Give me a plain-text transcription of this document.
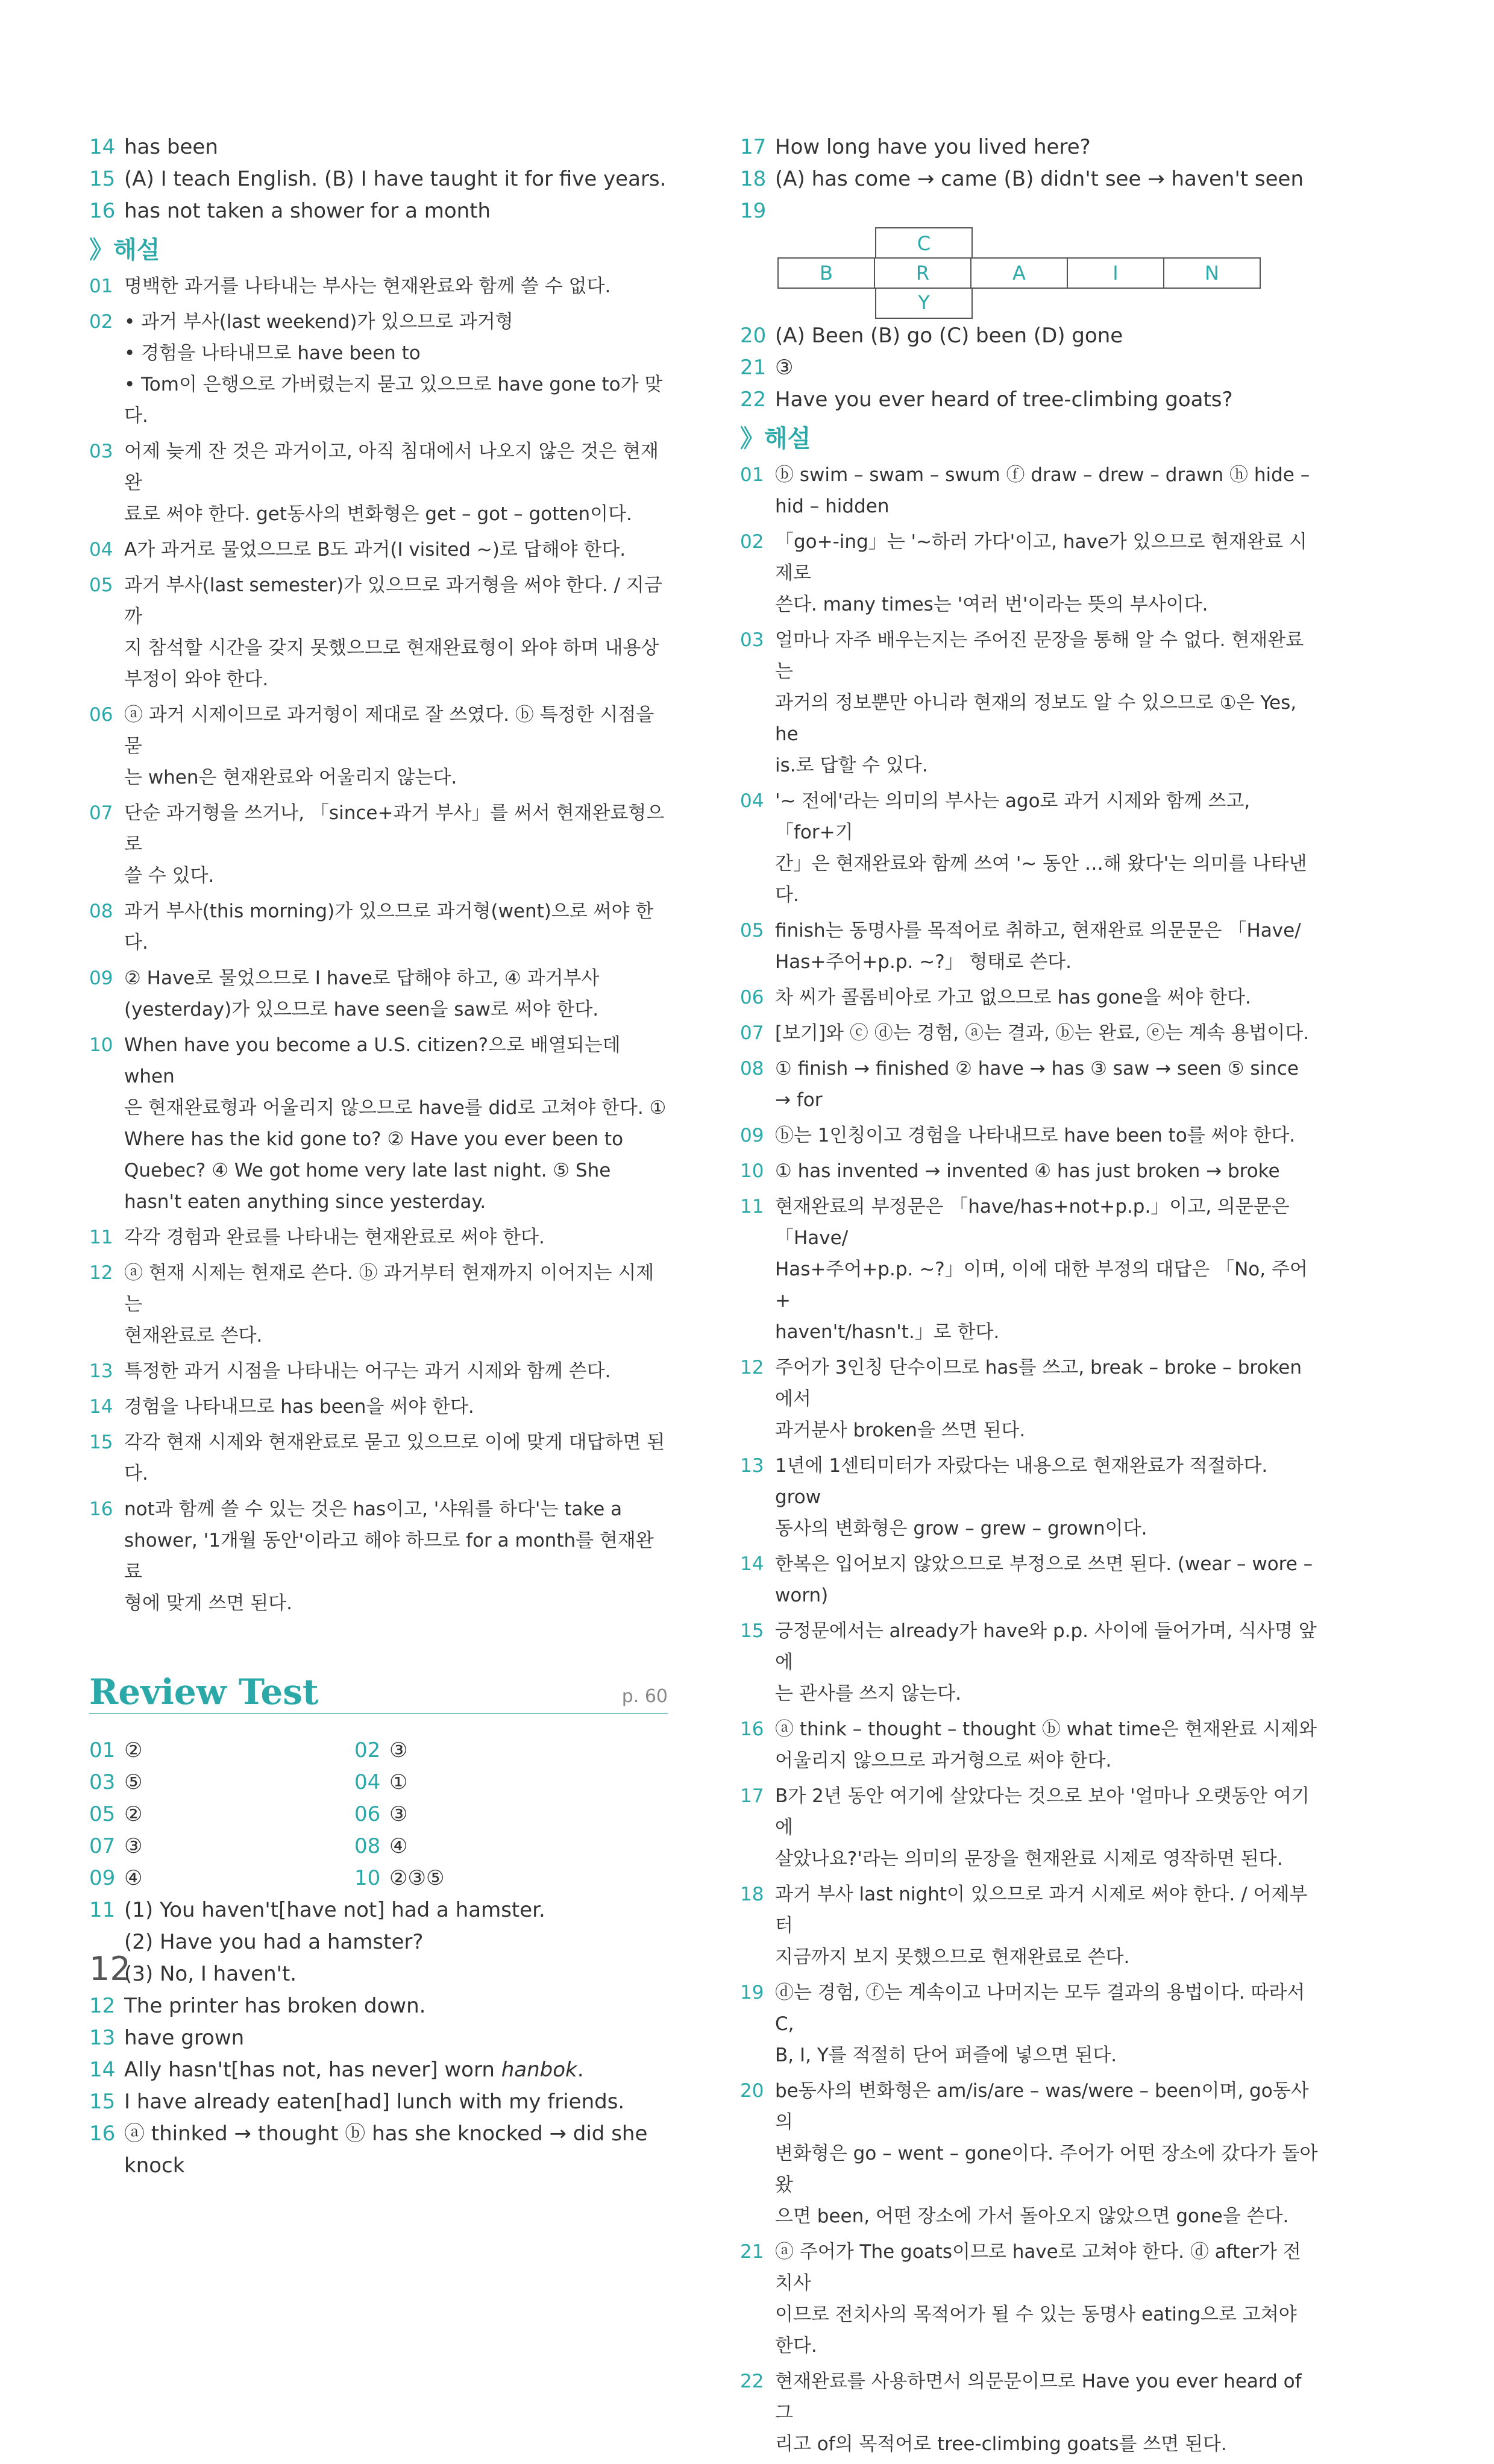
14 has been
15 (A) I teach English. (B) I have taught it for five years.
16 has not taken a shower for a month
》해설
01 명백한 과거를 나타내는 부사는 현재완료와 함께 쓸 수 없다.
02 • 과거 부사(last weekend)가 있으므로 과거형
• 경험을 나타내므로 have been to
• Tom이 은행으로 가버렸는지 묻고 있으므로 have gone to가 맞다.
03 어제 늦게 잔 것은 과거이고, 아직 침대에서 나오지 않은 것은 현재완
료로 써야 한다. get동사의 변화형은 get – got – gotten이다.
04 A가 과거로 물었으므로 B도 과거(I visited ~)로 답해야 한다.
05 과거 부사(last semester)가 있으므로 과거형을 써야 한다. / 지금까
지 참석할 시간을 갖지 못했으므로 현재완료형이 와야 하며 내용상
부정이 와야 한다.
06 ⓐ 과거 시제이므로 과거형이 제대로 잘 쓰였다. ⓑ 특정한 시점을 묻
는 when은 현재완료와 어울리지 않는다.
07 단순 과거형을 쓰거나, 「since+과거 부사」를 써서 현재완료형으로
쓸 수 있다.
08 과거 부사(this morning)가 있으므로 과거형(went)으로 써야 한다.
09 ② Have로 물었으므로 I have로 답해야 하고, ④ 과거부사
(yesterday)가 있으므로 have seen을 saw로 써야 한다.
10 When have you become a U.S. citizen?으로 배열되는데 when
은 현재완료형과 어울리지 않으므로 have를 did로 고쳐야 한다. ①
Where has the kid gone to? ② Have you ever been to
Quebec? ④ We got home very late last night. ⑤ She
hasn't eaten anything since yesterday.
11 각각 경험과 완료를 나타내는 현재완료로 써야 한다.
12 ⓐ 현재 시제는 현재로 쓴다. ⓑ 과거부터 현재까지 이어지는 시제는
현재완료로 쓴다.
13 특정한 과거 시점을 나타내는 어구는 과거 시제와 함께 쓴다.
14 경험을 나타내므로 has been을 써야 한다.
15 각각 현재 시제와 현재완료로 묻고 있으므로 이에 맞게 대답하면 된
다.
16 not과 함께 쓸 수 있는 것은 has이고, '샤워를 하다'는 take a
shower, '1개월 동안'이라고 해야 하므로 for a month를 현재완료
형에 맞게 쓰면 된다.
Review Test	p. 60
01 ②	02 ③
03 ⑤	04 ①
05 ②	06 ③
07 ③	08 ④
09 ④	10 ②③⑤
11 (1) You haven't[have not] had a hamster.
(2) Have you had a hamster?
(3) No, I haven't.
12 The printer has broken down.
13 have grown
14 Ally hasn't[has not, has never] worn hanbok.
15 I have already eaten[had] lunch with my friends.
16 ⓐ thinked → thought ⓑ has she knocked → did she
knock
12
17 How long have you lived here?
18 (A) has come → came (B) didn't see → haven't seen
19
C
B	R	A	I	N
Y
20 (A) Been (B) go (C) been (D) gone
21 ③
22 Have you ever heard of tree-climbing goats?
》해설
01 ⓑ swim – swam – swum ⓕ draw – drew – drawn ⓗ hide –
hid – hidden
02 「go+-ing」는 '~하러 가다'이고, have가 있으므로 현재완료 시제로
쓴다. many times는 '여러 번'이라는 뜻의 부사이다.
03 얼마나 자주 배우는지는 주어진 문장을 통해 알 수 없다. 현재완료는
과거의 정보뿐만 아니라 현재의 정보도 알 수 있으므로 ①은 Yes, he
is.로 답할 수 있다.
04 '~ 전에'라는 의미의 부사는 ago로 과거 시제와 함께 쓰고, 「for+기
간」은 현재완료와 함께 쓰여 '~ 동안 …해 왔다'는 의미를 나타낸다.
05 finish는 동명사를 목적어로 취하고, 현재완료 의문문은 「Have/
Has+주어+p.p. ~?」 형태로 쓴다.
06 차 씨가 콜롬비아로 가고 없으므로 has gone을 써야 한다.
07 [보기]와 ⓒ ⓓ는 경험, ⓐ는 결과, ⓑ는 완료, ⓔ는 계속 용법이다.
08 ① finish → finished ② have → has ③ saw → seen ⑤ since
→ for
09 ⓑ는 1인칭이고 경험을 나타내므로 have been to를 써야 한다.
10 ① has invented → invented ④ has just broken → broke
11 현재완료의 부정문은 「have/has+not+p.p.」이고, 의문문은 「Have/
Has+주어+p.p. ~?」이며, 이에 대한 부정의 대답은 「No, 주어+
haven't/hasn't.」로 한다.
12 주어가 3인칭 단수이므로 has를 쓰고, break – broke – broken에서
과거분사 broken을 쓰면 된다.
13 1년에 1센티미터가 자랐다는 내용으로 현재완료가 적절하다. grow
동사의 변화형은 grow – grew – grown이다.
14 한복은 입어보지 않았으므로 부정으로 쓰면 된다. (wear – wore –
worn)
15 긍정문에서는 already가 have와 p.p. 사이에 들어가며, 식사명 앞에
는 관사를 쓰지 않는다.
16 ⓐ think – thought – thought ⓑ what time은 현재완료 시제와
어울리지 않으므로 과거형으로 써야 한다.
17 B가 2년 동안 여기에 살았다는 것으로 보아 '얼마나 오랫동안 여기에
살았나요?'라는 의미의 문장을 현재완료 시제로 영작하면 된다.
18 과거 부사 last night이 있으므로 과거 시제로 써야 한다. / 어제부터
지금까지 보지 못했으므로 현재완료로 쓴다.
19 ⓓ는 경험, ⓕ는 계속이고 나머지는 모두 결과의 용법이다. 따라서 C,
B, I, Y를 적절히 단어 퍼즐에 넣으면 된다.
20 be동사의 변화형은 am/is/are – was/were – been이며, go동사의
변화형은 go – went – gone이다. 주어가 어떤 장소에 갔다가 돌아왔
으면 been, 어떤 장소에 가서 돌아오지 않았으면 gone을 쓴다.
21 ⓐ 주어가 The goats이므로 have로 고쳐야 한다. ⓓ after가 전치사
이므로 전치사의 목적어가 될 수 있는 동명사 eating으로 고쳐야 한다.
22 현재완료를 사용하면서 의문문이므로 Have you ever heard of 그
리고 of의 목적어로 tree-climbing goats를 쓰면 된다.
